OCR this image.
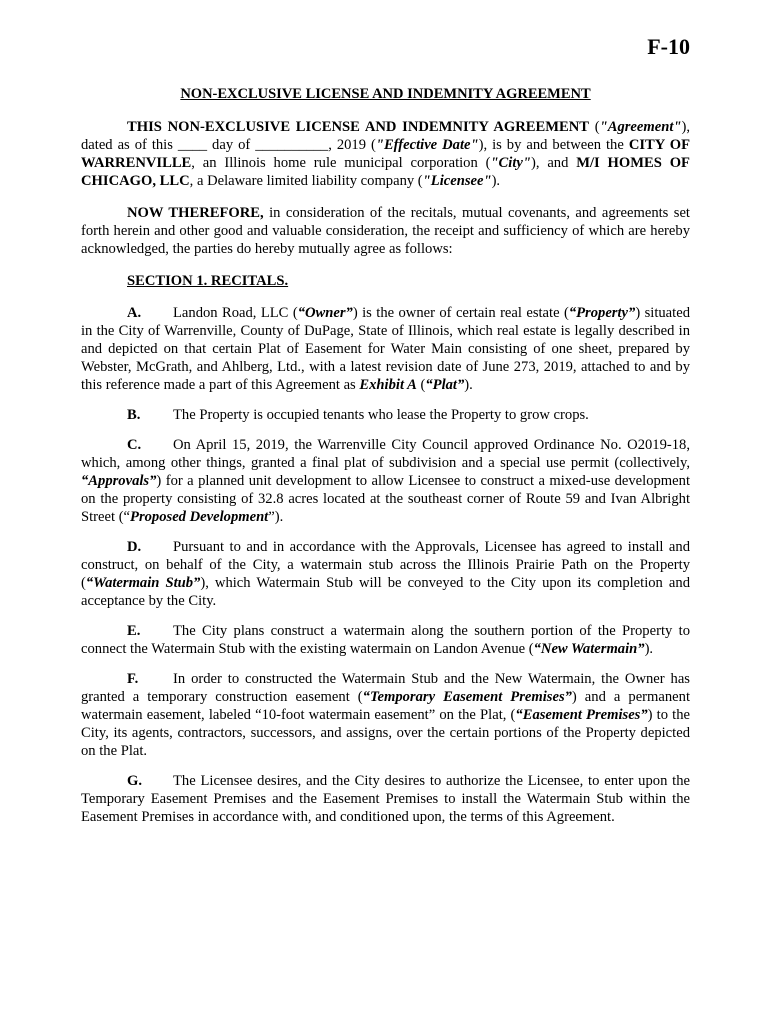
F-10
NON-EXCLUSIVE LICENSE AND INDEMNITY AGREEMENT

THIS NON-EXCLUSIVE LICENSE AND INDEMNITY AGREEMENT ("Agreement"), dated as of this ____ day of __________, 2019 ("Effective Date"), is by and between the CITY OF WARRENVILLE, an Illinois home rule municipal corporation ("City"), and M/I HOMES OF CHICAGO, LLC, a Delaware limited liability company ("Licensee").

NOW THEREFORE, in consideration of the recitals, mutual covenants, and agreements set forth herein and other good and valuable consideration, the receipt and sufficiency of which are hereby acknowledged, the parties do hereby mutually agree as follows:

SECTION 1. RECITALS.

A. Landon Road, LLC (“Owner”) is the owner of certain real estate (“Property”) situated in the City of Warrenville, County of DuPage, State of Illinois, which real estate is legally described in and depicted on that certain Plat of Easement for Water Main consisting of one sheet, prepared by Webster, McGrath, and Ahlberg, Ltd., with a latest revision date of June 273, 2019, attached to and by this reference made a part of this Agreement as Exhibit A (“Plat”).

B. The Property is occupied tenants who lease the Property to grow crops.

C. On April 15, 2019, the Warrenville City Council approved Ordinance No. O2019-18, which, among other things, granted a final plat of subdivision and a special use permit (collectively, “Approvals”) for a planned unit development to allow Licensee to construct a mixed-use development on the property consisting of 32.8 acres located at the southeast corner of Route 59 and Ivan Albright Street (“Proposed Development”).

D. Pursuant to and in accordance with the Approvals, Licensee has agreed to install and construct, on behalf of the City, a watermain stub across the Illinois Prairie Path on the Property (“Watermain Stub”), which Watermain Stub will be conveyed to the City upon its completion and acceptance by the City.

E. The City plans construct a watermain along the southern portion of the Property to connect the Watermain Stub with the existing watermain on Landon Avenue (“New Watermain”).

F. In order to constructed the Watermain Stub and the New Watermain, the Owner has granted a temporary construction easement (“Temporary Easement Premises”) and a permanent watermain easement, labeled “10-foot watermain easement” on the Plat, (“Easement Premises”) to the City, its agents, contractors, successors, and assigns, over the certain portions of the Property depicted on the Plat.

G. The Licensee desires, and the City desires to authorize the Licensee, to enter upon the Temporary Easement Premises and the Easement Premises to install the Watermain Stub within the Easement Premises in accordance with, and conditioned upon, the terms of this Agreement.
